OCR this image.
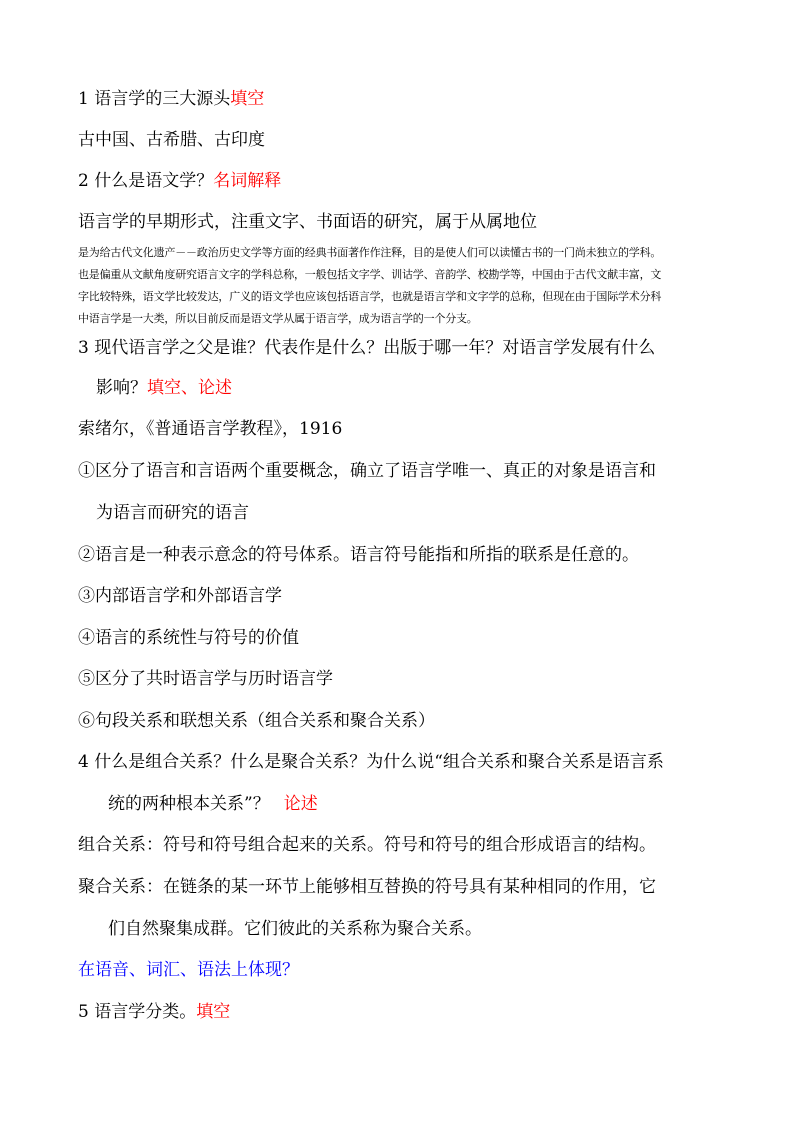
1 语言学的三大源头填空
古中国、古希腊、古印度
2 什么是语文学？名词解释
语言学的早期形式，注重文字、书面语的研究，属于从属地位
是为给古代文化遗产－－政治历史文学等方面的经典书面著作作注释，目的是使人们可以读懂古书的一门尚未独立的学科。
也是偏重从文献角度研究语言文字的学科总称，一般包括文字学、训诂学、音韵学、校勘学等，中国由于古代文献丰富，文
字比较特殊，语文学比较发达，广义的语文学也应该包括语言学，也就是语言学和文字学的总称，但现在由于国际学术分科
中语言学是一大类，所以目前反而是语文学从属于语言学，成为语言学的一个分支。
3 现代语言学之父是谁？代表作是什么？出版于哪一年？对语言学发展有什么
影响？填空、论述
索绪尔，《普通语言学教程》，1916
①区分了语言和言语两个重要概念，确立了语言学唯一、真正的对象是语言和
为语言而研究的语言
②语言是一种表示意念的符号体系。语言符号能指和所指的联系是任意的。
③内部语言学和外部语言学
④语言的系统性与符号的价值
⑤区分了共时语言学与历时语言学
⑥句段关系和联想关系（组合关系和聚合关系）
4 什么是组合关系？什么是聚合关系？为什么说“组合关系和聚合关系是语言系
统的两种根本关系”？ 论述
组合关系：符号和符号组合起来的关系。符号和符号的组合形成语言的结构。
聚合关系：在链条的某一环节上能够相互替换的符号具有某种相同的作用，它
们自然聚集成群。它们彼此的关系称为聚合关系。
在语音、词汇、语法上体现？
5 语言学分类。填空
